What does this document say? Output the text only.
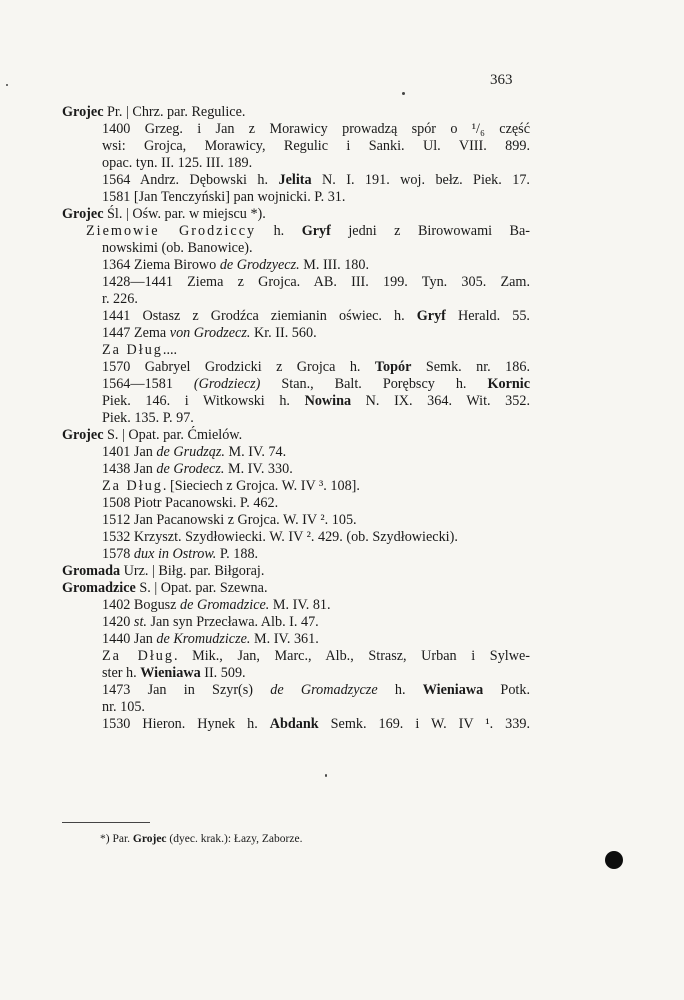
363
Grojec Pr. | Chrz. par. Regulice.
1400 Grzeg. i Jan z Morawicy prowadzą spór o ¹/₆ część
wsi: Grojca, Morawicy, Regulic i Sanki. Ul. VIII. 899.
opac. tyn. II. 125. III. 189.
1564 Andrz. Dębowski h. Jelita N. I. 191. woj. bełz. Piek. 17.
1581 [Jan Tenczyński] pan wojnicki. P. 31.
Grojec Śl. | Ośw. par. w miejscu *).
Ziemowie Grodziccy h. Gryf jedni z Birowowami Ba-
nowskimi (ob. Banowice).
1364 Ziema Birowo de Grodzyecz. M. III. 180.
1428—1441 Ziema z Grojca. AB. III. 199. Tyn. 305. Zam.
r. 226.
1441 Ostasz z Grodźca ziemianin oświec. h. Gryf Herald. 55.
1447 Zema von Grodzecz. Kr. II. 560.
Za Dług....
1570 Gabryel Grodzicki z Grojca h. Topór Semk. nr. 186.
1564—1581 (Grodziecz) Stan., Balt. Porębscy h. Kornic
Piek. 146. i Witkowski h. Nowina N. IX. 364. Wit. 352.
Piek. 135. P. 97.
Grojec S. | Opat. par. Ćmielów.
1401 Jan de Grudząz. M. IV. 74.
1438 Jan de Grodecz. M. IV. 330.
Za Dług. [Sieciech z Grojca. W. IV ³. 108].
1508 Piotr Pacanowski. P. 462.
1512 Jan Pacanowski z Grojca. W. IV ². 105.
1532 Krzyszt. Szydłowiecki. W. IV ². 429. (ob. Szydłowiecki).
1578 dux in Ostrow. P. 188.
Gromada Urz. | Biłg. par. Biłgoraj.
Gromadzice S. | Opat. par. Szewna.
1402 Bogusz de Gromadzice. M. IV. 81.
1420 st. Jan syn Przecława. Alb. I. 47.
1440 Jan de Kromudzicze. M. IV. 361.
Za Dług. Mik., Jan, Marc., Alb., Strasz, Urban i Sylwe-
ster h. Wieniawa II. 509.
1473 Jan in Szyr(s) de Gromadzycze h. Wieniawa Potk.
nr. 105.
1530 Hieron. Hynek h. Abdank Semk. 169. i W. IV ¹. 339.
*) Par. Grojec (dyec. krak.): Łazy, Zaborze.
